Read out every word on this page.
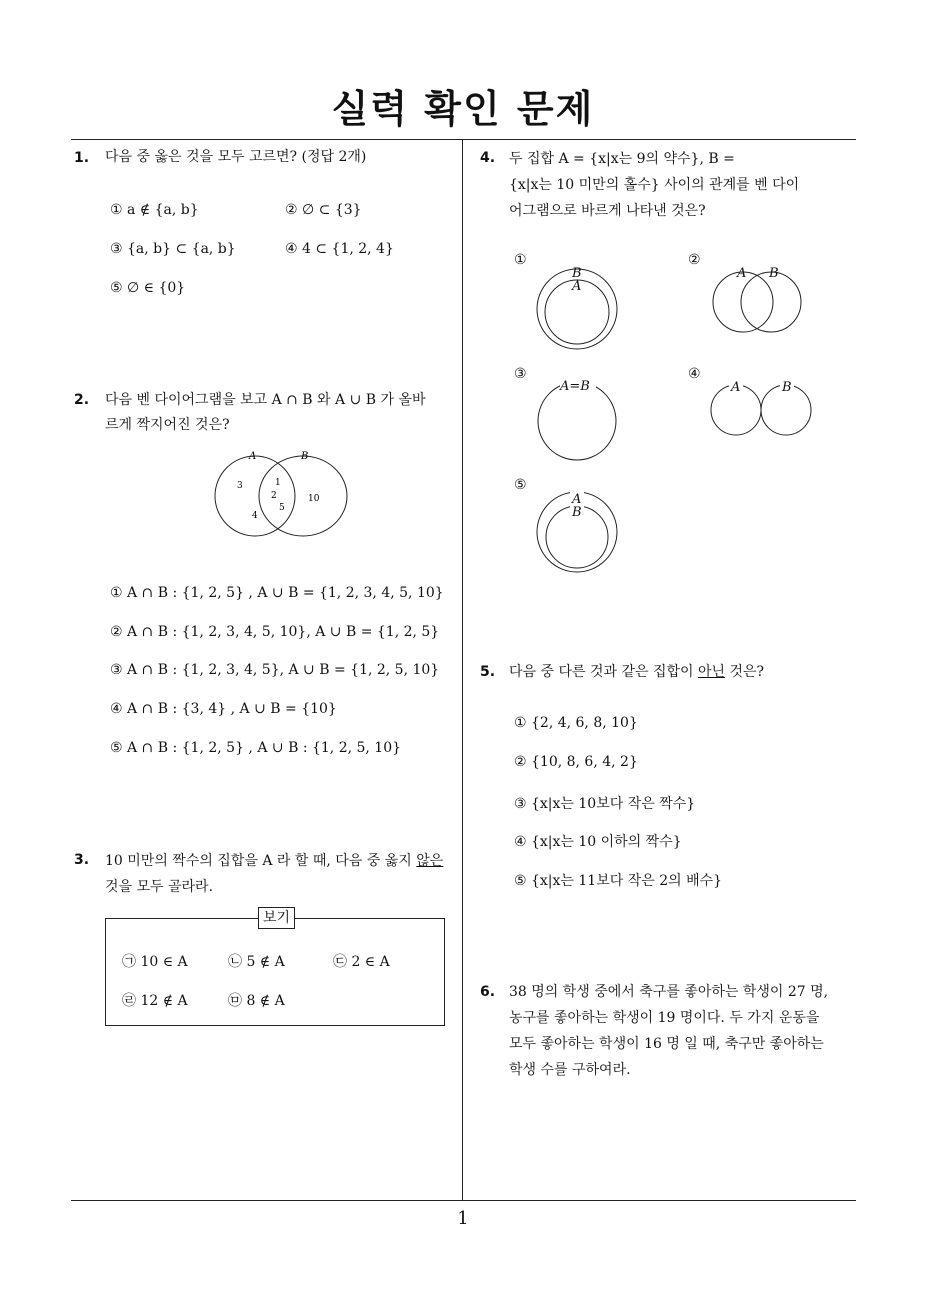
실력 확인 문제
1
1. 다음 중 옳은 것을 모두 고르면? (정답 2개)
① a ∉ {a, b}	② ∅ ⊂ {3}
③ {a, b} ⊂ {a, b}	④ 4 ⊂ {1, 2, 4}
⑤ ∅ ∈ {0}
2. 다음 벤 다이어그램을 보고 A ∩ B 와 A ∪ B 가 올바
르게 짝지어진 것은?
A	B
3
4
1
2
5
10
① A ∩ B : {1, 2, 5} , A ∪ B = {1, 2, 3, 4, 5, 10}
② A ∩ B : {1, 2, 3, 4, 5, 10}, A ∪ B = {1, 2, 5}
③ A ∩ B : {1, 2, 3, 4, 5}, A ∪ B = {1, 2, 5, 10}
④ A ∩ B : {3, 4} , A ∪ B = {10}
⑤ A ∩ B : {1, 2, 5} , A ∪ B : {1, 2, 5, 10}
3. 10 미만의 짝수의 집합을 A 라 할 때, 다음 중 옳지 않은
것을 모두 골라라.
보기
㉠ 10 ∈ A	㉡ 5 ∉ A	㉢ 2 ∈ A
㉣ 12 ∉ A	㉤ 8 ∉ A
4. 두 집합 A = {x|x는 9의 약수}, B =
{x|x는 10 미만의 홀수} 사이의 관계를 벤 다이
어그램으로 바르게 나타낸 것은?
①
B
A
②
A B
③
A=B
④
A	B
⑤
A
B
5. 다음 중 다른 것과 같은 집합이 아닌 것은?
① {2, 4, 6, 8, 10}
② {10, 8, 6, 4, 2}
③ {x|x는 10보다 작은 짝수}
④ {x|x는 10 이하의 짝수}
⑤ {x|x는 11보다 작은 2의 배수}
6. 38 명의 학생 중에서 축구를 좋아하는 학생이 27 명,
농구를 좋아하는 학생이 19 명이다. 두 가지 운동을
모두 좋아하는 학생이 16 명 일 때, 축구만 좋아하는
학생 수를 구하여라.
